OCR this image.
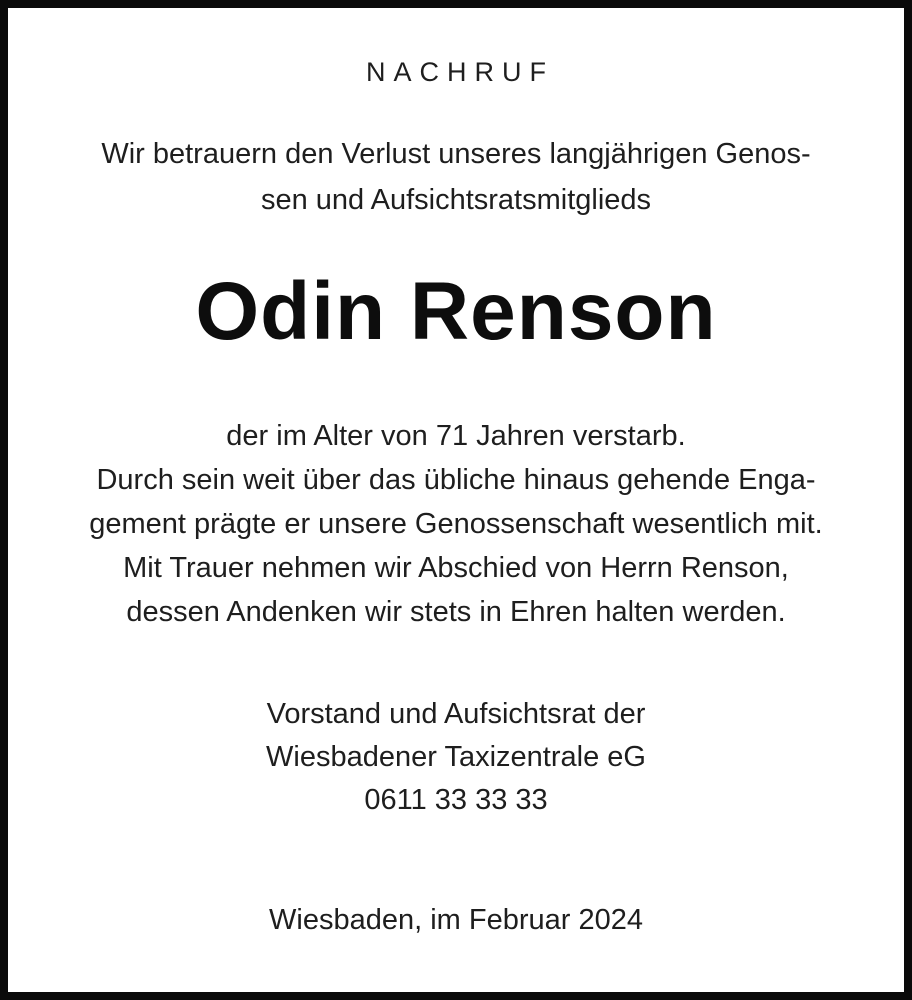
NACHRUF
Wir betrauern den Verlust unseres langjährigen Genos-
sen und Aufsichtsratsmitglieds
Odin Renson
der im Alter von 71 Jahren verstarb.
Durch sein weit über das übliche hinaus gehende Enga-
gement prägte er unsere Genossenschaft wesentlich mit.
Mit Trauer nehmen wir Abschied von Herrn Renson,
dessen Andenken wir stets in Ehren halten werden.
Vorstand und Aufsichtsrat der
Wiesbadener Taxizentrale eG
0611 33 33 33
Wiesbaden, im Februar 2024
